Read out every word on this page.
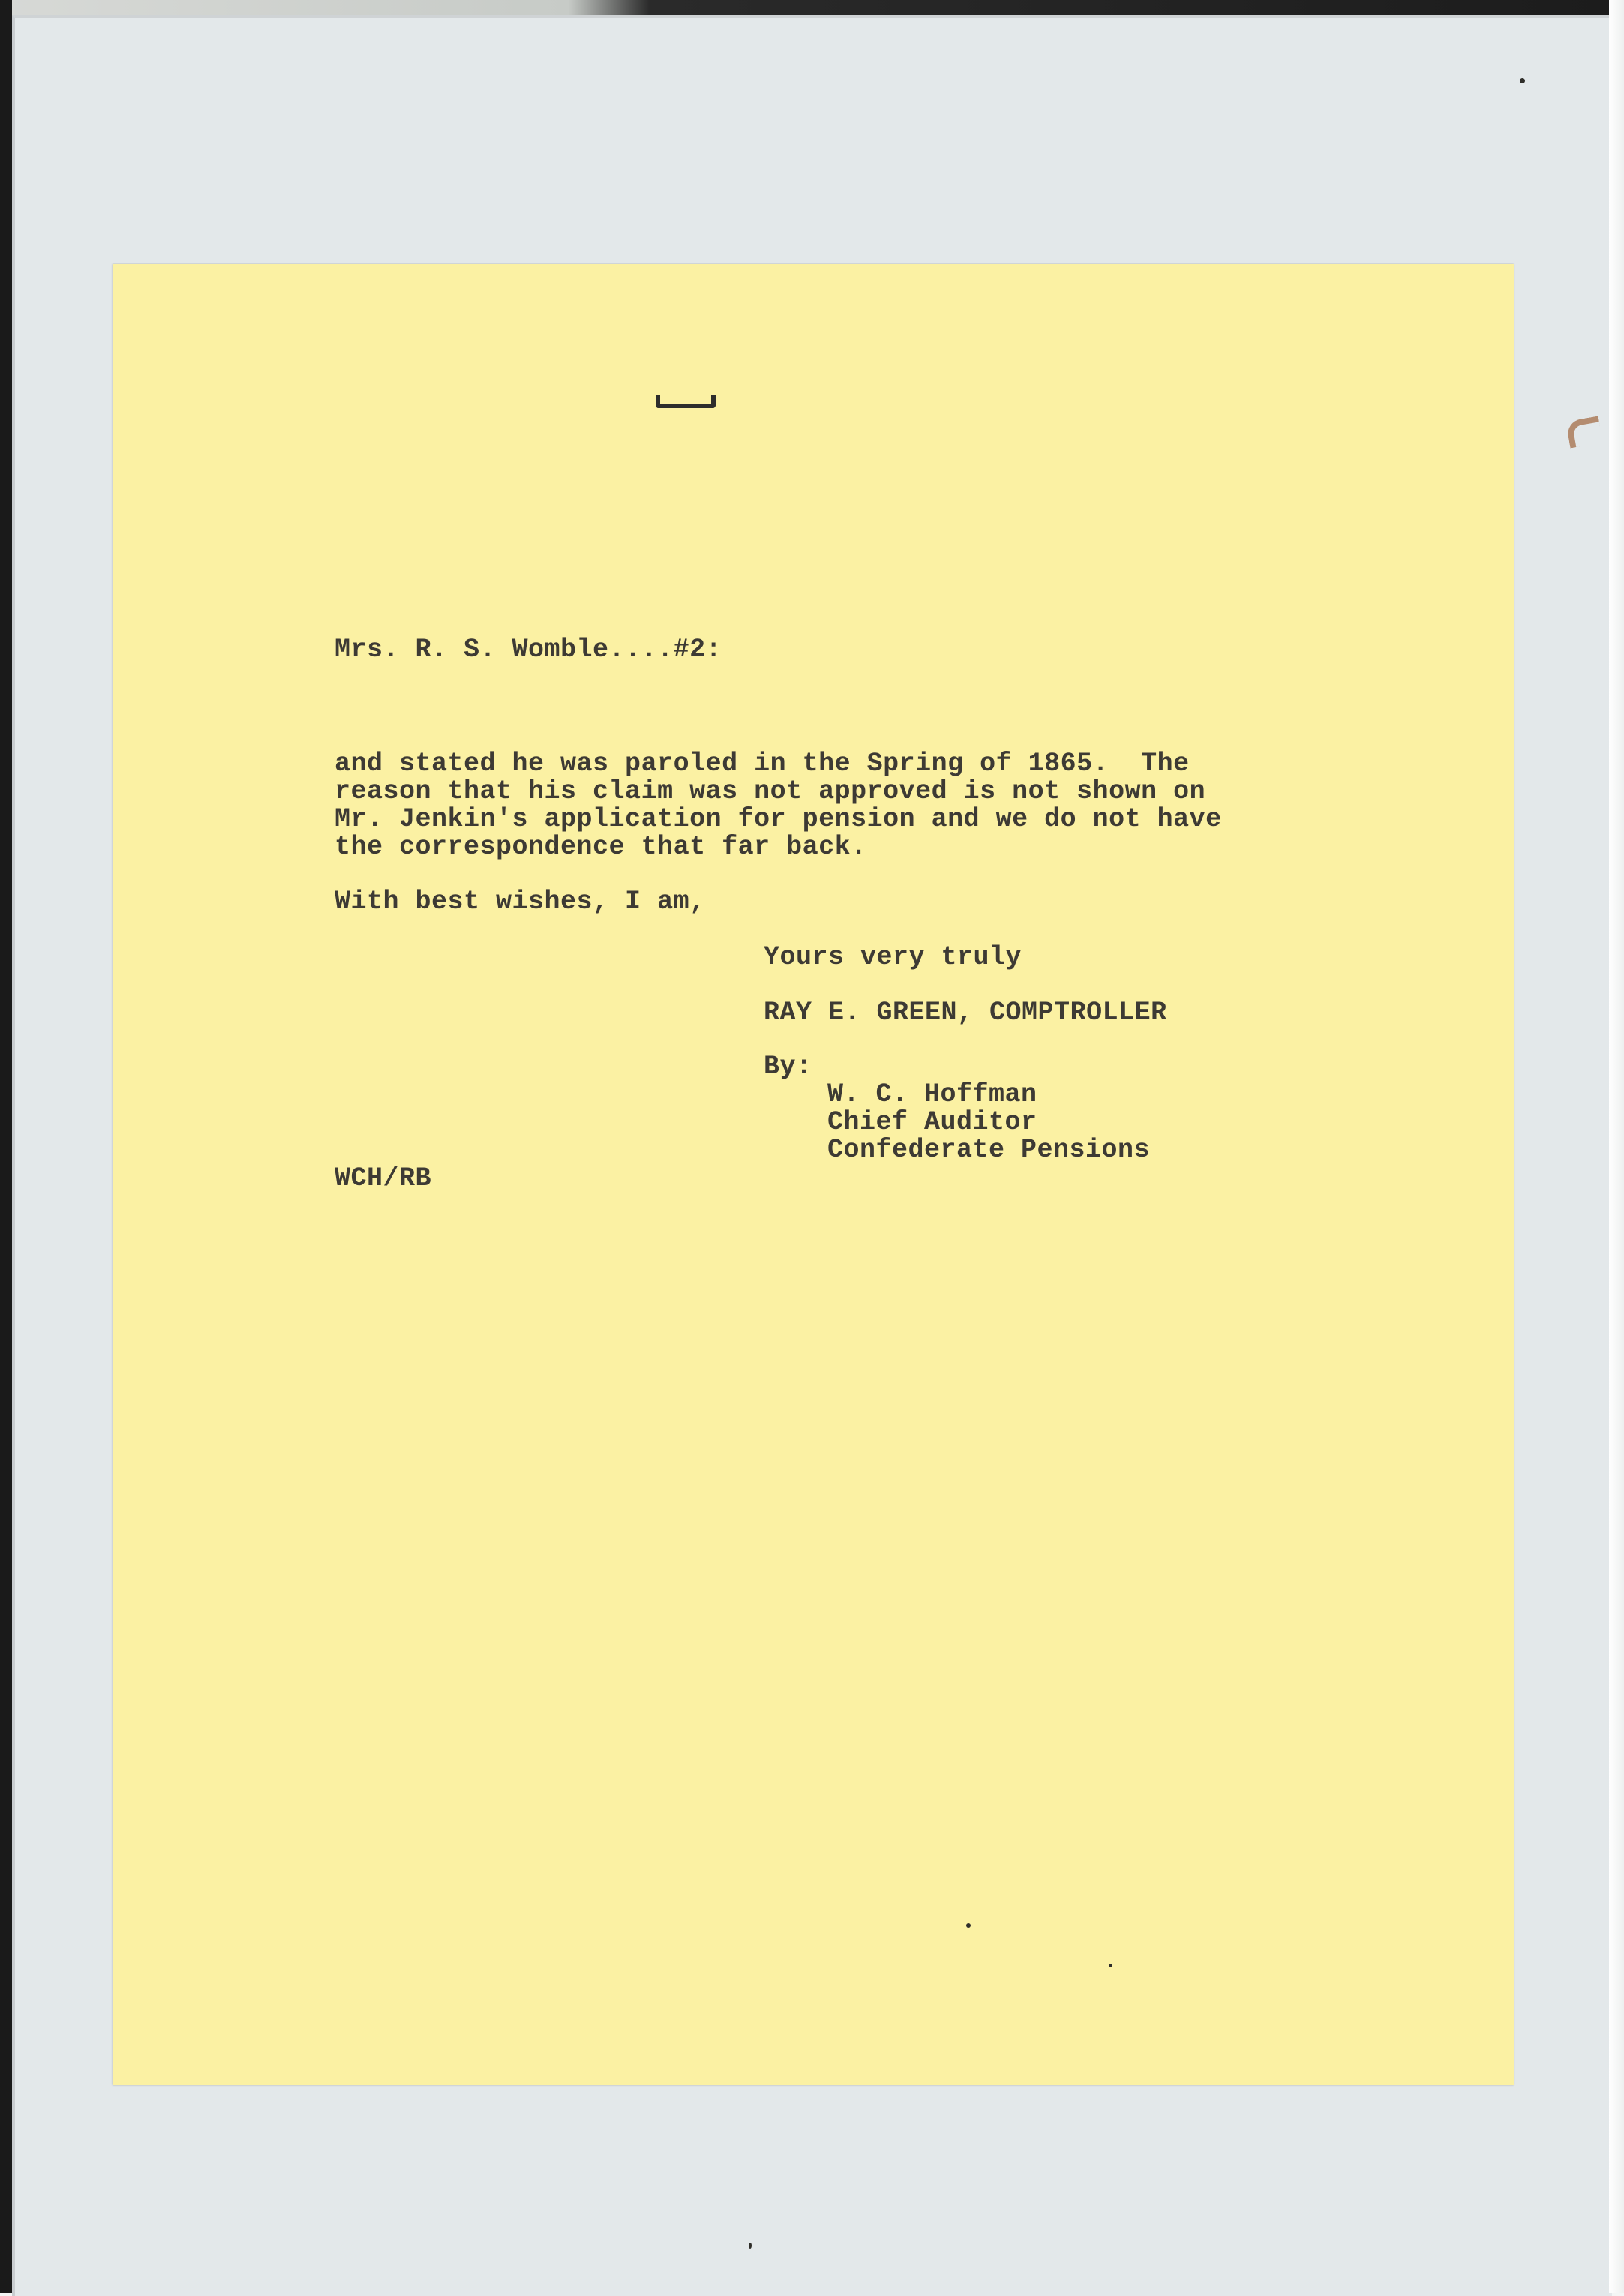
Mrs. R. S. Womble....#2:
and stated he was paroled in the Spring of 1865.  The
reason that his claim was not approved is not shown on
Mr. Jenkin's application for pension and we do not have
the correspondence that far back.
With best wishes, I am,
Yours very truly
RAY E. GREEN, COMPTROLLER
By:
W. C. Hoffman
Chief Auditor
Confederate Pensions
WCH/RB
